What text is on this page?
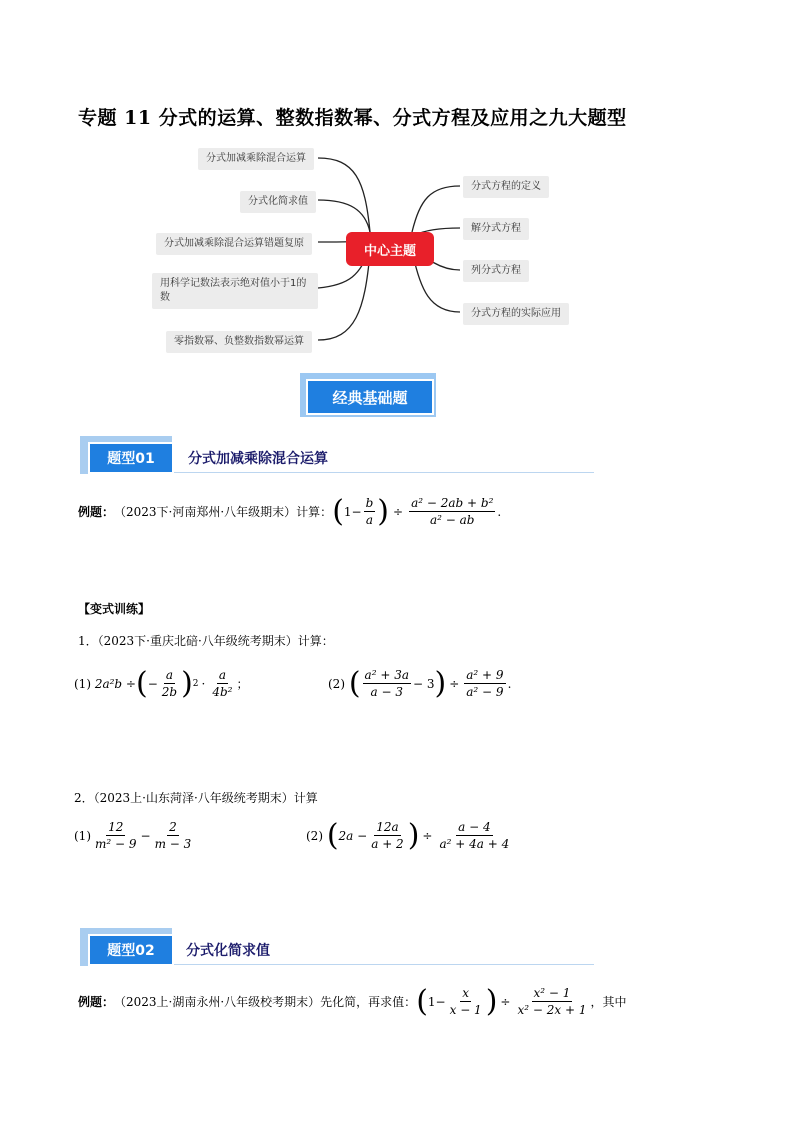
专题 11 分式的运算、整数指数幂、分式方程及应用之九大题型
分式加减乘除混合运算
分式化简求值
分式加减乘除混合运算错题复原
用科学记数法表示绝对值小于1的数
零指数幂、负整数指数幂运算
中心主题
分式方程的定义
解分式方程
列分式方程
分式方程的实际应用
经典基础题
题型01	分式加减乘除混合运算
例题： （2023下·河南郑州·八年级期末）计算： ( $1- \frac{b}{a}$ ) ÷ $\frac{\text{a² − 2ab + b²}}{\text{a² − ab}}$ .
【变式训练】
1．（2023下·重庆北碚·八年级统考期末）计算：
(1) 2a²b ÷ ( − $\frac{a}{2b}$ ) $2 \cdot \frac{a}{\text{4b²}}$ ；	(2)
( $\frac{\text{a² + 3a}}{a - 3} - 3$ ) ÷ $\frac{\text{a² + 9}}{\text{a² − 9}}$ .
2．（2023上·山东菏泽·八年级统考期末）计算
$(1) \frac{12}{\text{m² − 9}} - \frac{2}{m - 3}$	(2)
( $2a - \frac{12a}{a + 2}$ ) ÷ $\frac{a - 4}{\text{a² + 4a + 4}}$
题型02	分式化简求值
例题： （2023上·湖南永州·八年级校考期末）先化简，再求值： ( $1- \frac{x}{x - 1}$ ) ÷ $\frac{\text{x² − 1}}{\text{x² − 2x + 1}}$ ，其中
